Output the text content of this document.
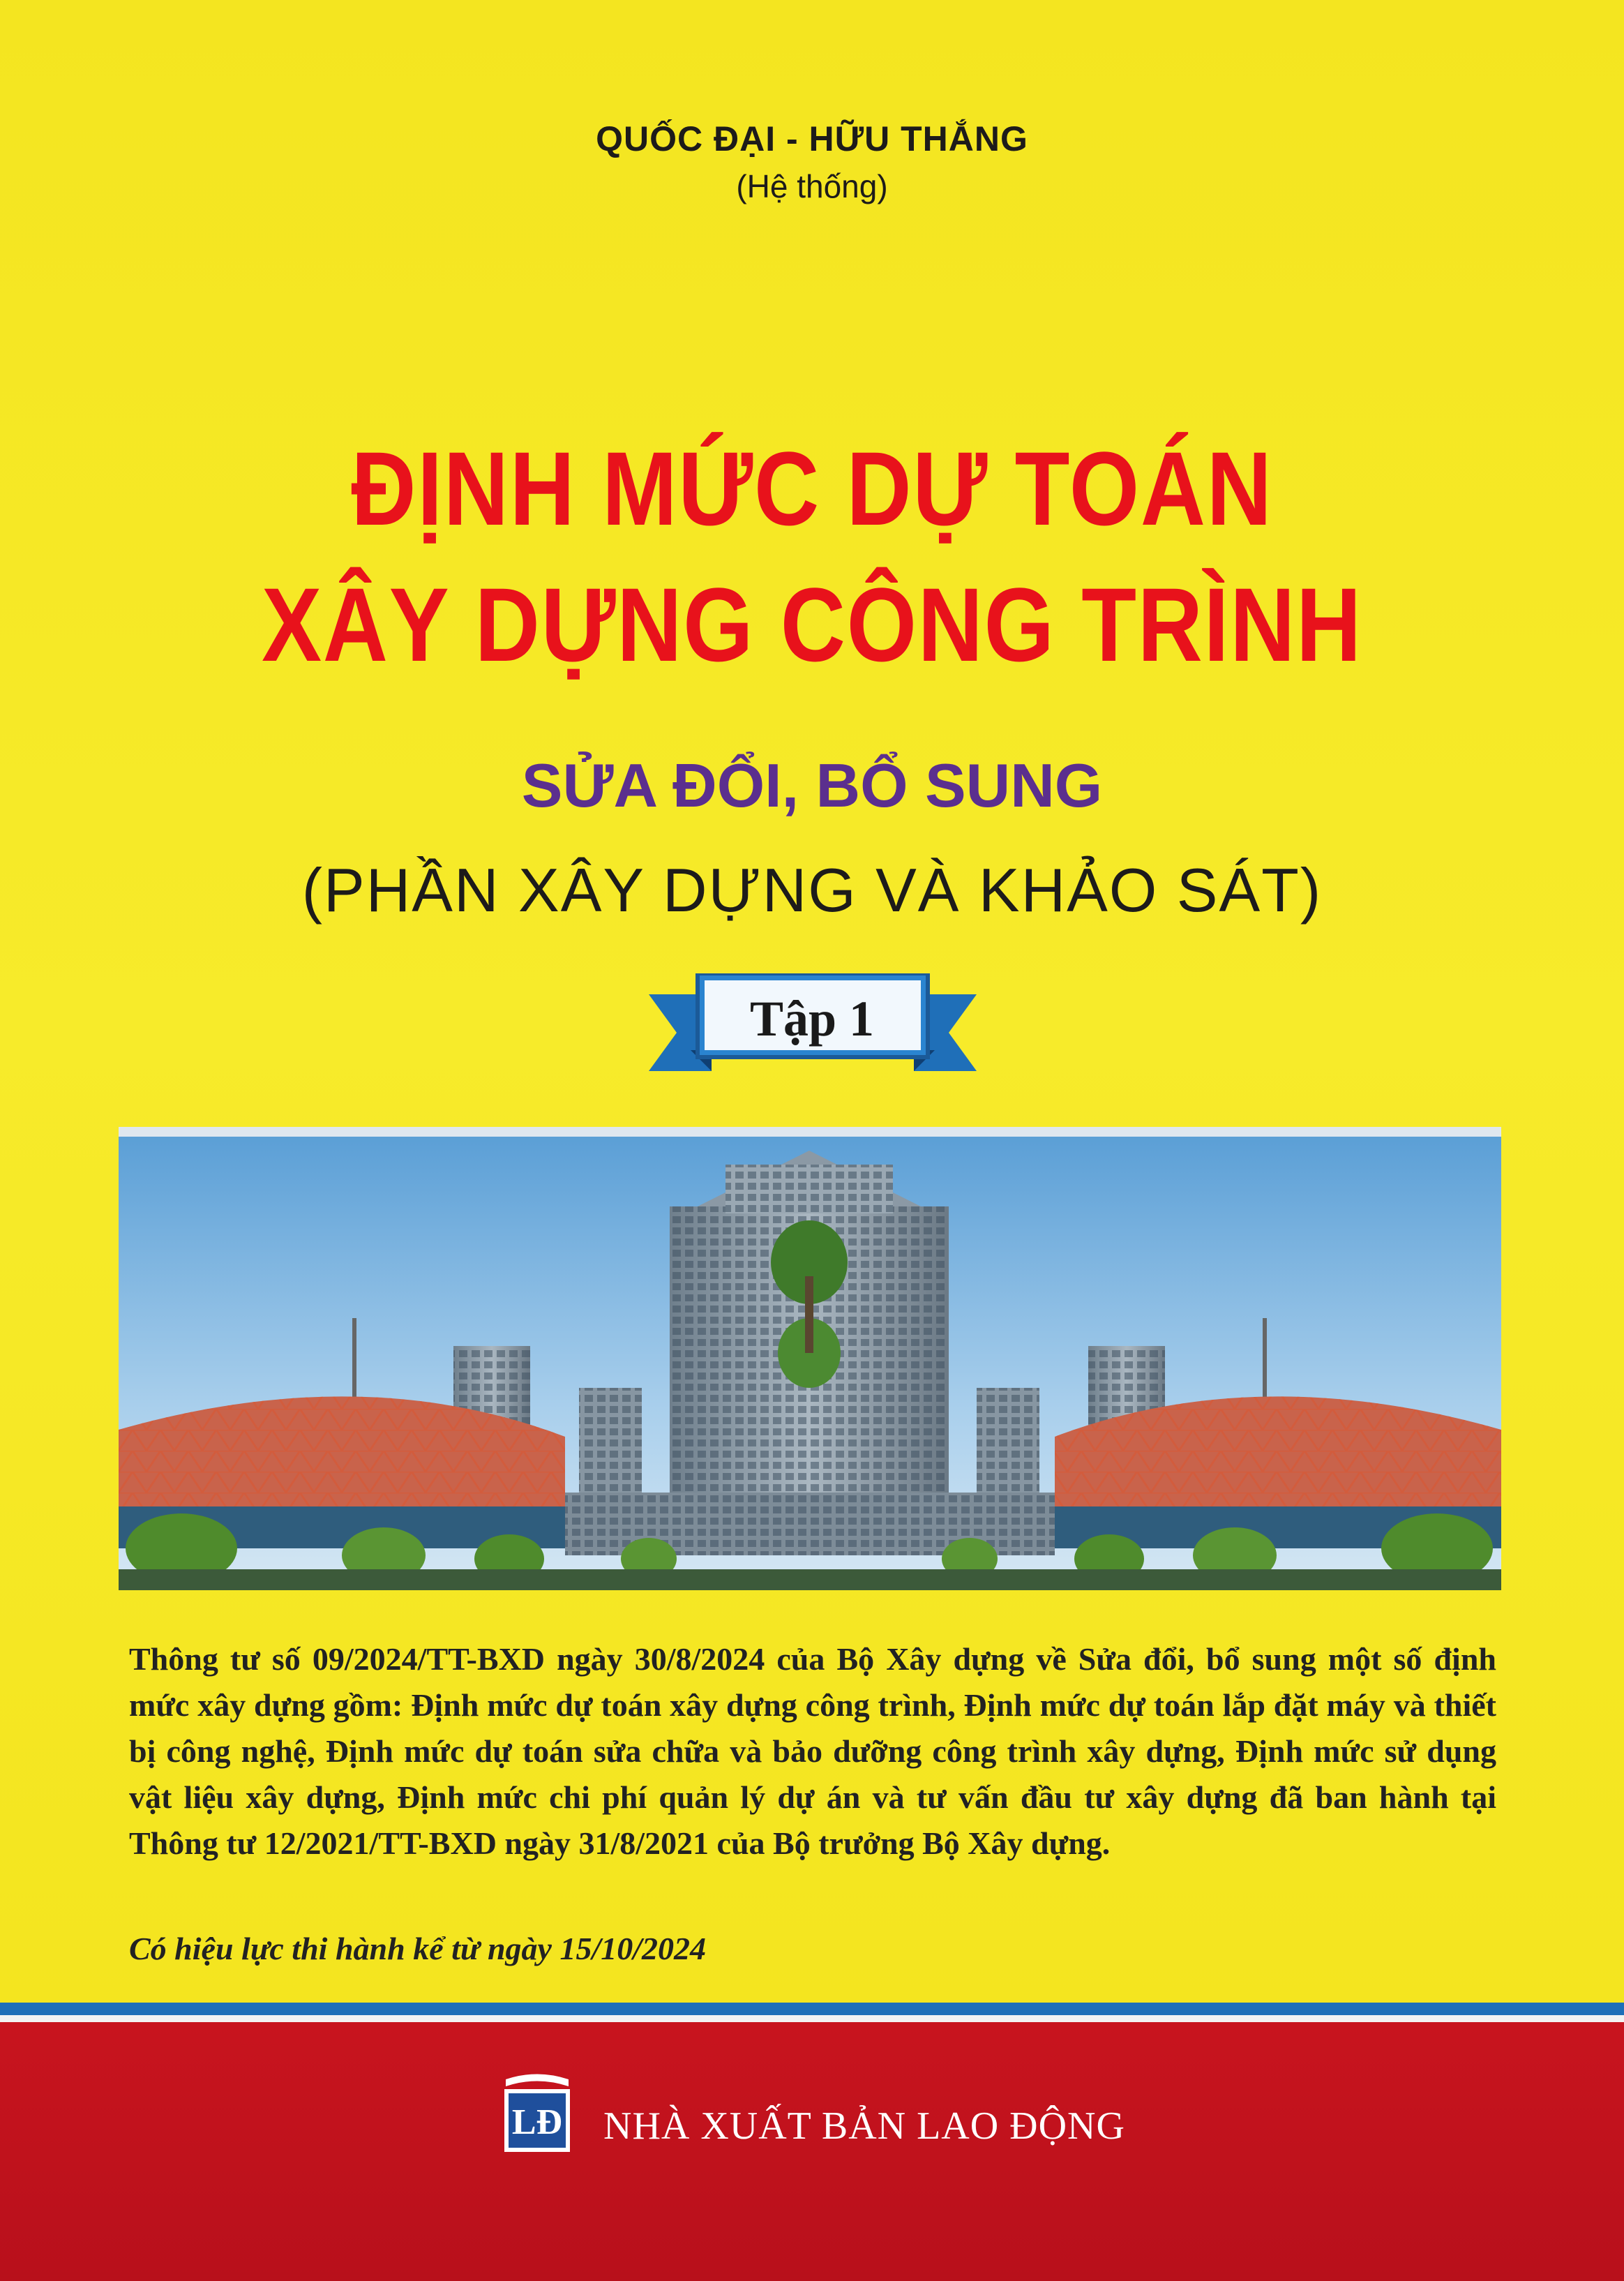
QUỐC ĐẠI - HỮU THẮNG
(Hệ thống)
ĐỊNH MỨC DỰ TOÁN
XÂY DỰNG CÔNG TRÌNH
SỬA ĐỔI, BỔ SUNG
(PHẦN XÂY DỰNG VÀ KHẢO SÁT)
Tập 1
Thông tư số 09/2024/TT-BXD ngày 30/8/2024 của Bộ Xây dựng về Sửa đổi, bổ sung một số định mức xây dựng gồm: Định mức dự toán xây dựng công trình, Định mức dự toán lắp đặt máy và thiết bị công nghệ, Định mức dự toán sửa chữa và bảo dưỡng công trình xây dựng, Định mức sử dụng vật liệu xây dựng, Định mức chi phí quản lý dự án và tư vấn đầu tư xây dựng đã ban hành tại Thông tư 12/2021/TT-BXD ngày 31/8/2021 của Bộ trưởng Bộ Xây dựng.
Có hiệu lực thi hành kể từ ngày 15/10/2024
LĐ NHÀ XUẤT BẢN LAO ĐỘNG
